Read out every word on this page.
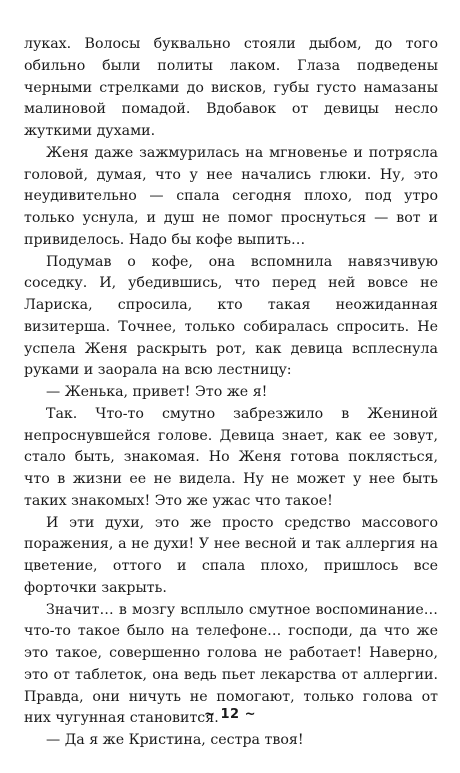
лукaх. Волосы буквально стояли дыбом, до того обильно были политы лаком. Глаза подведены черными стрелками до висков, губы густо намазаны малиновой помадой. Вдобавок от девицы несло жуткими духами.

Женя даже зажмурилась на мгновенье и потрясла головой, думая, что у нее начались глюки. Ну, это неудивительно — спала сегодня плохо, под утро только уснула, и душ не помог проснуться — вот и привиделось. Надо бы кофе выпить…

Подумав о кофе, она вспомнила навязчивую соседку. И, убедившись, что перед ней вовсе не Лариска, спросила, кто такая неожиданная визитерша. Точнее, только собиралась спросить. Не успела Женя раскрыть рот, как девица всплеснула руками и заорала на всю лестницу:

— Женька, привет! Это же я!

Так. Что-то смутно забрезжило в Жениной непроснувшейся голове. Девица знает, как ее зовут, стало быть, знакомая. Но Женя готова поклясться, что в жизни ее не видела. Ну не может у нее быть таких знакомых! Это же ужас что такое!

И эти духи, это же просто средство массового поражения, а не духи! У нее весной и так аллергия на цветение, оттого и спала плохо, пришлось все форточки закрыть.

Значит… в мозгу всплыло смутное воспоминание… что-то такое было на телефоне… господи, да что же это такое, совершенно голова не работает! Наверно, это от таблеток, она ведь пьет лекарства от аллергии. Правда, они ничуть не помогают, только голова от них чугунная становится.

— Да я же Кристина, сестра твоя!

~ 12 ~
